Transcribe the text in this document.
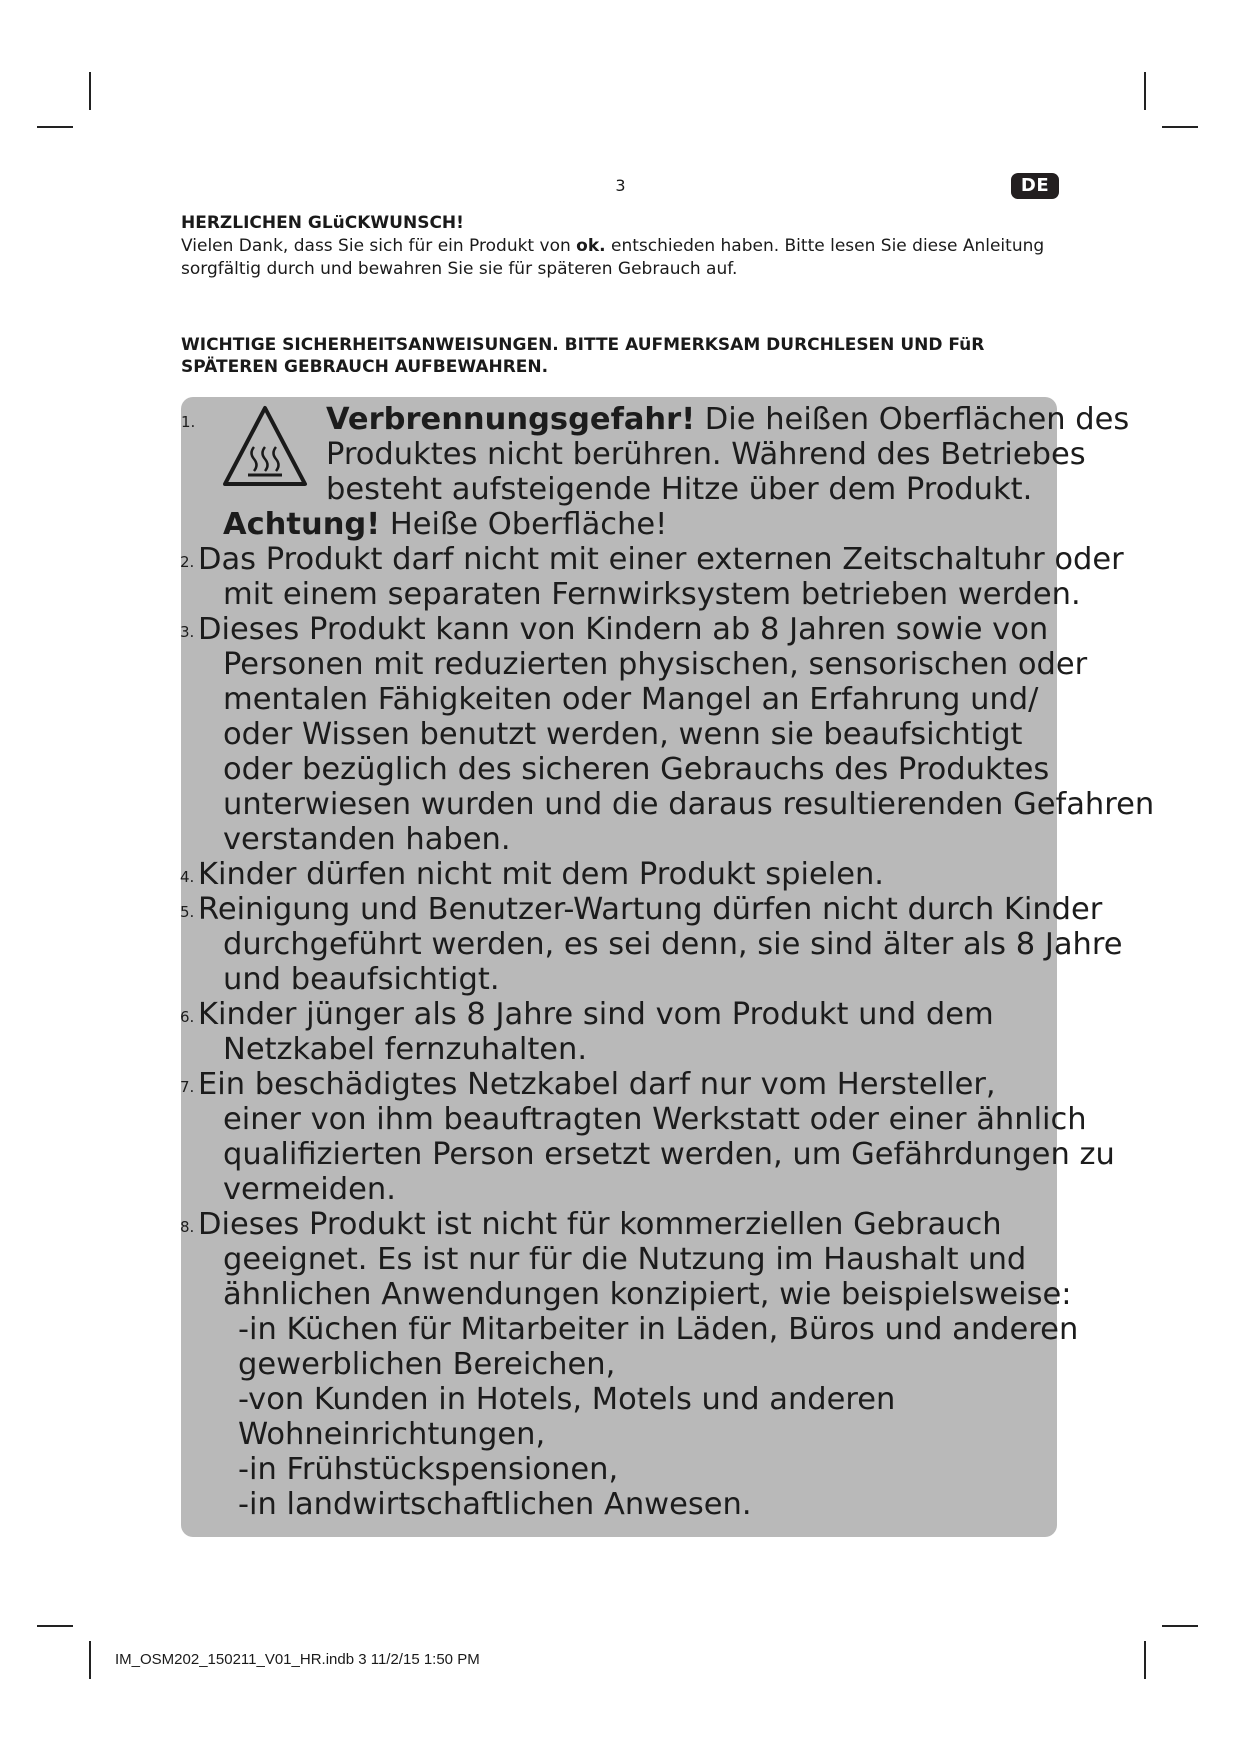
3	DE
HERZLICHEN GLüCKWUNSCH!
Vielen Dank, dass Sie sich für ein Produkt von ok. entschieden haben. Bitte lesen Sie diese Anleitung
sorgfältig durch und bewahren Sie sie für späteren Gebrauch auf.
WICHTIGE SICHERHEITSANWEISUNGEN. BITTE AUFMERKSAM DURCHLESEN UND FüR
SPÄTEREN GEBRAUCH AUFBEWAHREN.
1.	Verbrennungsgefahr! Die heißen Oberflächen des
Produktes nicht berühren. Während des Betriebes
besteht aufsteigende Hitze über dem Produkt.
Achtung! Heiße Oberfläche!
2. Das Produkt darf nicht mit einer externen Zeitschaltuhr oder
mit einem separaten Fernwirksystem betrieben werden.
3. Dieses Produkt kann von Kindern ab 8 Jahren sowie von
Personen mit reduzierten physischen, sensorischen oder
mentalen Fähigkeiten oder Mangel an Erfahrung und/
oder Wissen benutzt werden, wenn sie beaufsichtigt
oder bezüglich des sicheren Gebrauchs des Produktes
unterwiesen wurden und die daraus resultierenden Gefahren
verstanden haben.
4. Kinder dürfen nicht mit dem Produkt spielen.
5. Reinigung und Benutzer-Wartung dürfen nicht durch Kinder
durchgeführt werden, es sei denn, sie sind älter als 8 Jahre
und beaufsichtigt.
6. Kinder jünger als 8 Jahre sind vom Produkt und dem
Netzkabel fernzuhalten.
7. Ein beschädigtes Netzkabel darf nur vom Hersteller,
einer von ihm beauftragten Werkstatt oder einer ähnlich
qualifizierten Person ersetzt werden, um Gefährdungen zu
vermeiden.
8. Dieses Produkt ist nicht für kommerziellen Gebrauch
geeignet. Es ist nur für die Nutzung im Haushalt und
ähnlichen Anwendungen konzipiert, wie beispielsweise:
-in Küchen für Mitarbeiter in Läden, Büros und anderen
gewerblichen Bereichen,
-von Kunden in Hotels, Motels und anderen
Wohneinrichtungen,
-in Frühstückspensionen,
-in landwirtschaftlichen Anwesen.
IM_OSM202_150211_V01_HR.indb 3 11/2/15 1:50 PM
